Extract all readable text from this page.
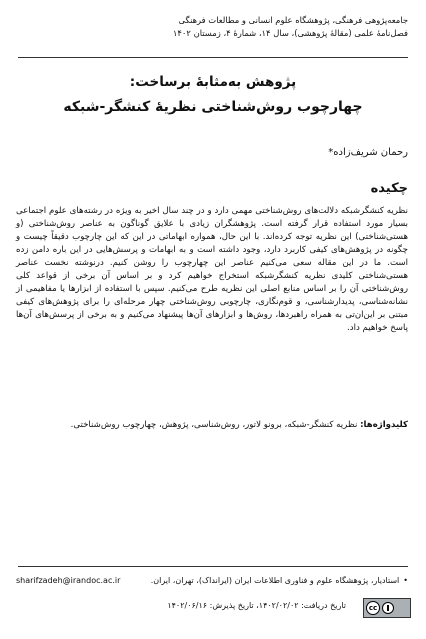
جامعه‌پژوهی فرهنگی، پژوهشگاه علوم انسانی و مطالعات فرهنگی
فصل‌نامهٔ علمی (مقالهٔ پژوهشی)، سال ۱۴، شمارهٔ ۴، زمستان ۱۴۰۲
پژوهش به‌مثابهٔ برساخت:
چهارچوب روش‌شناختی نظریهٔ کنشگر-شبکه
رحمان شریف‌زاده*
چکیده
نظریه کنشگرشبکه دلالت‌های روش‌شناختی مهمی دارد و در چند سال اخیر به ویژه در رشته‌های علوم اجتماعی بسیار مورد استفاده قرار گرفته است. پژوهشگران زیادی با علایق گوناگون به عناصر روش‌شناختی (و هستی‌شناختی) این نظریه توجه کرده‌اند. با این حال، همواره ابهاماتی در این که این چارچوب دقیقاً چیست و چگونه در پژوهش‌های کیفی کاربرد دارد، وجود داشته است و به ابهامات و پرسش‌هایی در این باره دامن زده است. ما در این مقاله سعی می‌کنیم عناصر این چهارچوب را روشن کنیم. درنوشته نخست عناصر هستی‌شناختی کلیدی نظریه کنشگرشبکه استخراج خواهیم کرد و بر اساس آن برخی از قواعد کلی روش‌شناختی آن را بر اساس منابع اصلی این نظریه طرح می‌کنیم. سپس با استفاده از ابزارها یا مفاهیمی از نشانه‌شناسی، پدیدارشناسی، و قوم‌نگاری، چارچوبی روش‌شناختی چهار مرحله‌ای را برای پژوهش‌های کیفی مبتنی بر این‌ان‌تی به همراه راهبردها، روش‌ها و ابزارهای آن‌ها پیشنهاد می‌کنیم و به برخی از پرسش‌های آن‌ها پاسخ خواهیم داد.
کلیدواژه‌ها: نظریه کنشگر-شبکه، برونو لاتور، روش‌شناسی، پژوهش، چهارچوب روش‌شناختی.
•استادیار، پژوهشگاه علوم و فناوری اطلاعات ایران (ایرانداک)، تهران، ایران.
sharifzadeh@irandoc.ac.ir
تاریخ دریافت: ۱۴۰۲/۰۲/۰۲، تاریخ پذیرش: ۱۴۰۲/۰۶/۱۶	cc
